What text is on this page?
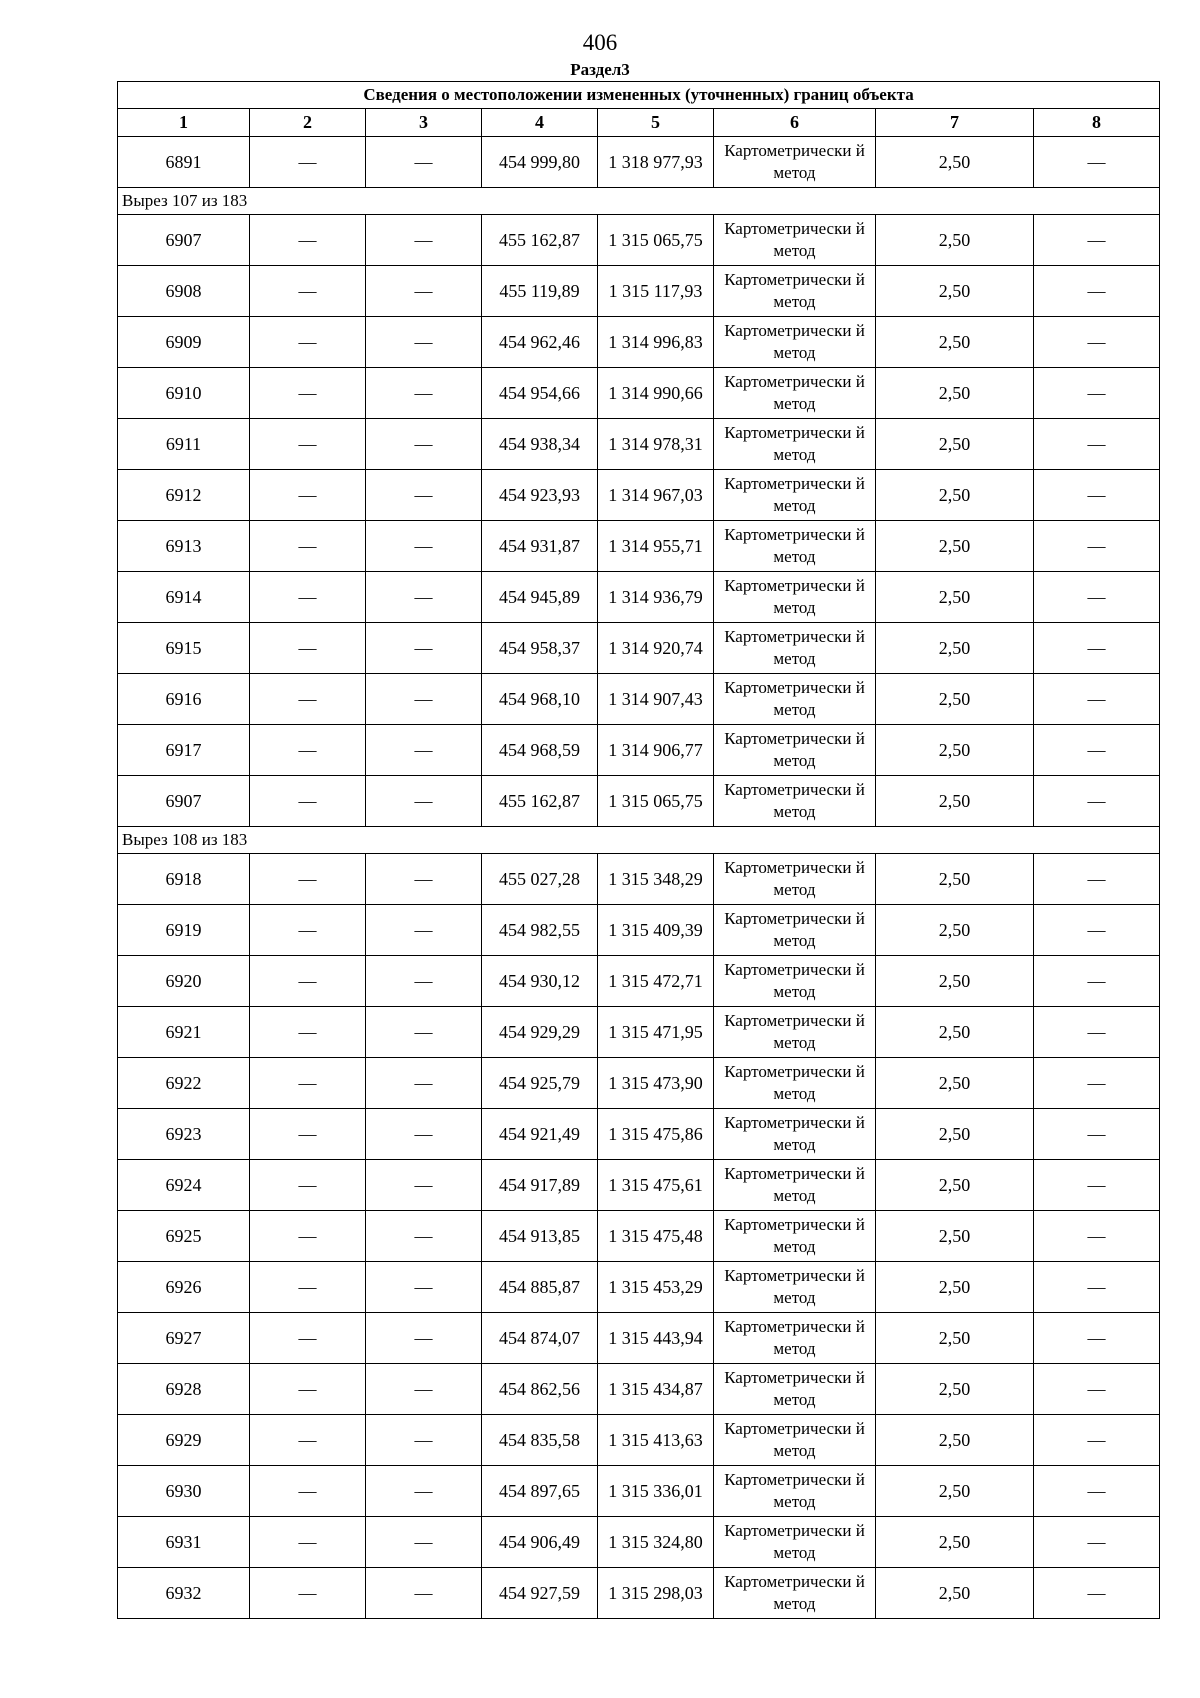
406
Раздел3
Сведения о местоположении измененных (уточненных) границ объекта							
1	2	3	4	5	6	7	8
6891	—	—	454 999,80	1 318 977,93	Картометрически й метод	2,50	—
Вырез 107 из 183							
6907	—	—	455 162,87	1 315 065,75	Картометрически й метод	2,50	—
6908	—	—	455 119,89	1 315 117,93	Картометрически й метод	2,50	—
6909	—	—	454 962,46	1 314 996,83	Картометрически й метод	2,50	—
6910	—	—	454 954,66	1 314 990,66	Картометрически й метод	2,50	—
6911	—	—	454 938,34	1 314 978,31	Картометрически й метод	2,50	—
6912	—	—	454 923,93	1 314 967,03	Картометрически й метод	2,50	—
6913	—	—	454 931,87	1 314 955,71	Картометрически й метод	2,50	—
6914	—	—	454 945,89	1 314 936,79	Картометрически й метод	2,50	—
6915	—	—	454 958,37	1 314 920,74	Картометрически й метод	2,50	—
6916	—	—	454 968,10	1 314 907,43	Картометрически й метод	2,50	—
6917	—	—	454 968,59	1 314 906,77	Картометрически й метод	2,50	—
6907	—	—	455 162,87	1 315 065,75	Картометрически й метод	2,50	—
Вырез 108 из 183							
6918	—	—	455 027,28	1 315 348,29	Картометрически й метод	2,50	—
6919	—	—	454 982,55	1 315 409,39	Картометрически й метод	2,50	—
6920	—	—	454 930,12	1 315 472,71	Картометрически й метод	2,50	—
6921	—	—	454 929,29	1 315 471,95	Картометрически й метод	2,50	—
6922	—	—	454 925,79	1 315 473,90	Картометрически й метод	2,50	—
6923	—	—	454 921,49	1 315 475,86	Картометрически й метод	2,50	—
6924	—	—	454 917,89	1 315 475,61	Картометрически й метод	2,50	—
6925	—	—	454 913,85	1 315 475,48	Картометрически й метод	2,50	—
6926	—	—	454 885,87	1 315 453,29	Картометрически й метод	2,50	—
6927	—	—	454 874,07	1 315 443,94	Картометрически й метод	2,50	—
6928	—	—	454 862,56	1 315 434,87	Картометрически й метод	2,50	—
6929	—	—	454 835,58	1 315 413,63	Картометрически й метод	2,50	—
6930	—	—	454 897,65	1 315 336,01	Картометрически й метод	2,50	—
6931	—	—	454 906,49	1 315 324,80	Картометрически й метод	2,50	—
6932	—	—	454 927,59	1 315 298,03	Картометрически й метод	2,50	—
